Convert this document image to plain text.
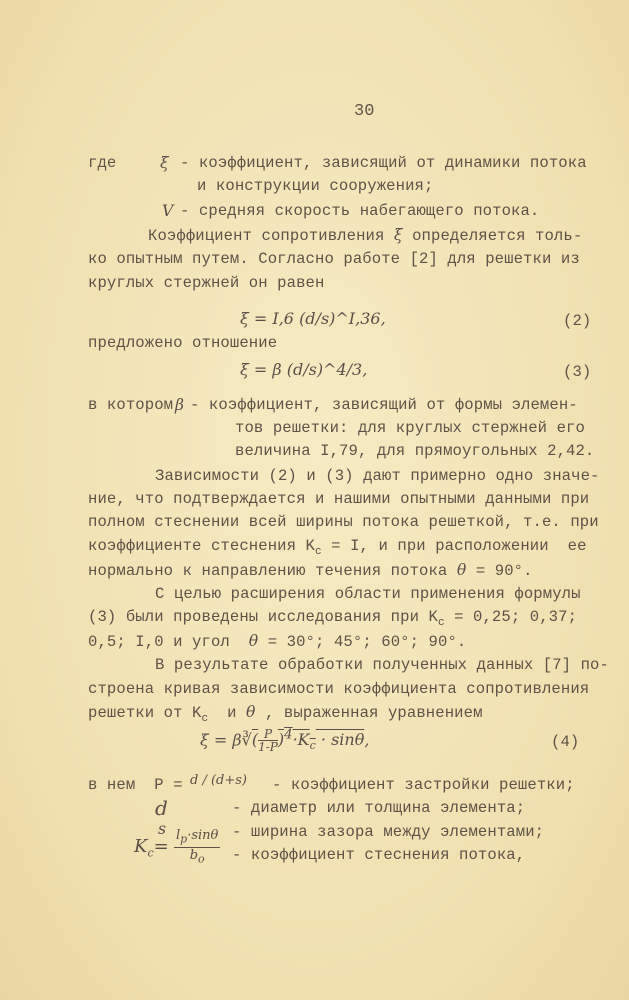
30
где	ξ - коэффициент, зависящий от динамики потока
и конструкции сооружения;
V - средняя скорость набегающего потока.
Коэффициент сопротивления ξ определяется толь-
ко опытным путем. Согласно работе [2] для решетки из
круглых стержней он равен
ξ = I,6 (d/s)^I,36,	(2)
предложено отношение
ξ = β (d/s)^4/3,	(3)
в котором β - коэффициент, зависящий от формы элемен-
тов решетки: для круглых стержней его
величина I,79, для прямоугольных 2,42.
Зависимости (2) и (3) дают примерно одно значе-
ние, что подтверждается и нашими опытными данными при
полном стеснении всей ширины потока решеткой, т.е. при
коэффициенте стеснения $K_c = I$, и при расположении  ее
нормально к направлению течения потока θ = 90°.
С целью расширения области применения формулы
(3) были проведены исследования при $K_c = 0,25$; 0,37;
0,5; I,0 и угол  θ = 30°; 45°; 60°; 90°.
В результате обработки полученных данных [7] по-
строена кривая зависимости коэффициента сопротивления
решетки от $K_c$  и θ , выраженная уравнением
ξ = β∛( $\frac{P}{1-P} )^4\cdot K_c \cdot \sin\theta$,	(4)
в нем  P =
d / (d+s) - коэффициент застройки решетки;
d	- диаметр или толщина элемента;
s	- ширина зазора между элементами;
$K_c=$
$l_p\cdot\sin\theta$
$b_o$	- коэффициент стеснения потока,
